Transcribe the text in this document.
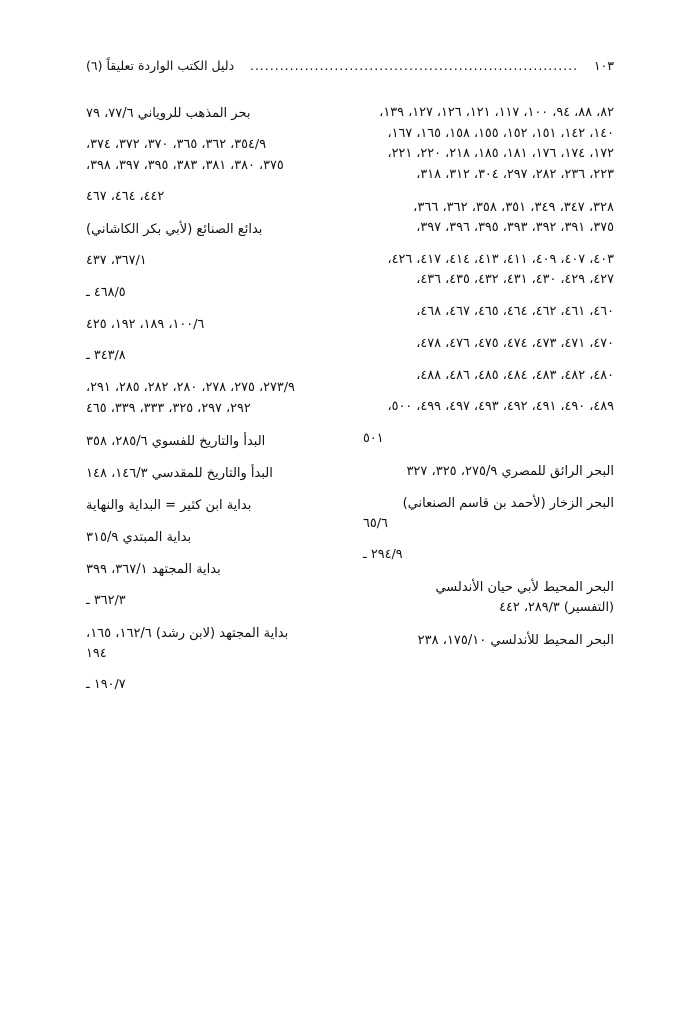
دليل الكتب الواردة تعليقاً (٦)	..................................................................	١٠٣
٨٢، ٨٨، ٩٤، ١٠٠، ١١٧، ١٢١، ١٢٦، ١٢٧، ١٣٩،
١٤٠، ١٤٢، ١٥١، ١٥٢، ١٥٥، ١٥٨، ١٦٥، ١٦٧،
١٧٢، ١٧٤، ١٧٦، ١٨١، ١٨٥، ٢١٨، ٢٢٠، ٢٢١،
٢٢٣، ٢٣٦، ٢٨٢، ٢٩٧، ٣٠٤، ٣١٢، ٣١٨،
٣٢٨، ٣٤٧، ٣٤٩، ٣٥١، ٣٥٨، ٣٦٢، ٣٦٦،
٣٧٥، ٣٩١، ٣٩٢، ٣٩٣، ٣٩٥، ٣٩٦، ٣٩٧،
٤٠٣، ٤٠٧، ٤٠٩، ٤١١، ٤١٣، ٤١٤، ٤١٧، ٤٢٦،
٤٢٧، ٤٢٩، ٤٣٠، ٤٣١، ٤٣٢، ٤٣٥، ٤٣٦،
٤٦٠، ٤٦١، ٤٦٢، ٤٦٤، ٤٦٥، ٤٦٧، ٤٦٨،
٤٧٠، ٤٧١، ٤٧٣، ٤٧٤، ٤٧٥، ٤٧٦، ٤٧٨،
٤٨٠، ٤٨٢، ٤٨٣، ٤٨٤، ٤٨٥، ٤٨٦، ٤٨٨،
٤٨٩، ٤٩٠، ٤٩١، ٤٩٢، ٤٩٣، ٤٩٧، ٤٩٩، ٥٠٠،
٥٠١
البحر الرائق للمصري ٢٧٥/٩، ٣٢٥، ٣٢٧
البحر الزخار (لأحمد بن قاسم الصنعاني)
٦٥/٦
٢٩٤/٩ ـ
البحر المحيط لأبي حيان الأندلسي
(التفسير) ٢٨٩/٣، ٤٤٢
البحر المحيط للأندلسي ١٧٥/١٠، ٢٣٨
بحر المذهب للروياني ٧٧/٦، ٧٩
٣٥٤/٩، ٣٦٢، ٣٦٥، ٣٧٠، ٣٧٢، ٣٧٤،
٣٧٥، ٣٨٠، ٣٨١، ٣٨٣، ٣٩٥، ٣٩٧، ٣٩٨،
٤٤٢، ٤٦٤، ٤٦٧
بدائع الصنائع (لأبي بكر الكاشاني)
٣٦٧/١، ٤٣٧
٤٦٨/٥ ـ
١٠٠/٦، ١٨٩، ١٩٢، ٤٢٥
٣٤٣/٨ ـ
٢٧٣/٩، ٢٧٥، ٢٧٨، ٢٨٠، ٢٨٢، ٢٨٥، ٢٩١،
٢٩٢، ٢٩٧، ٣٢٥، ٣٣٣، ٣٣٩، ٤٦٥
البدأ والتاريخ للفسوي ٢٨٥/٦، ٣٥٨
البدأ والتاريخ للمقدسي ١٤٦/٣، ١٤٨
بداية ابن كثير = البداية والنهاية
بداية المبتدي ٣١٥/٩
بداية المجتهد ٣٦٧/١، ٣٩٩
٣٦٢/٣ ـ
بداية المجتهد (لابن رشد) ١٦٢/٦، ١٦٥،
١٩٤
١٩٠/٧ ـ
